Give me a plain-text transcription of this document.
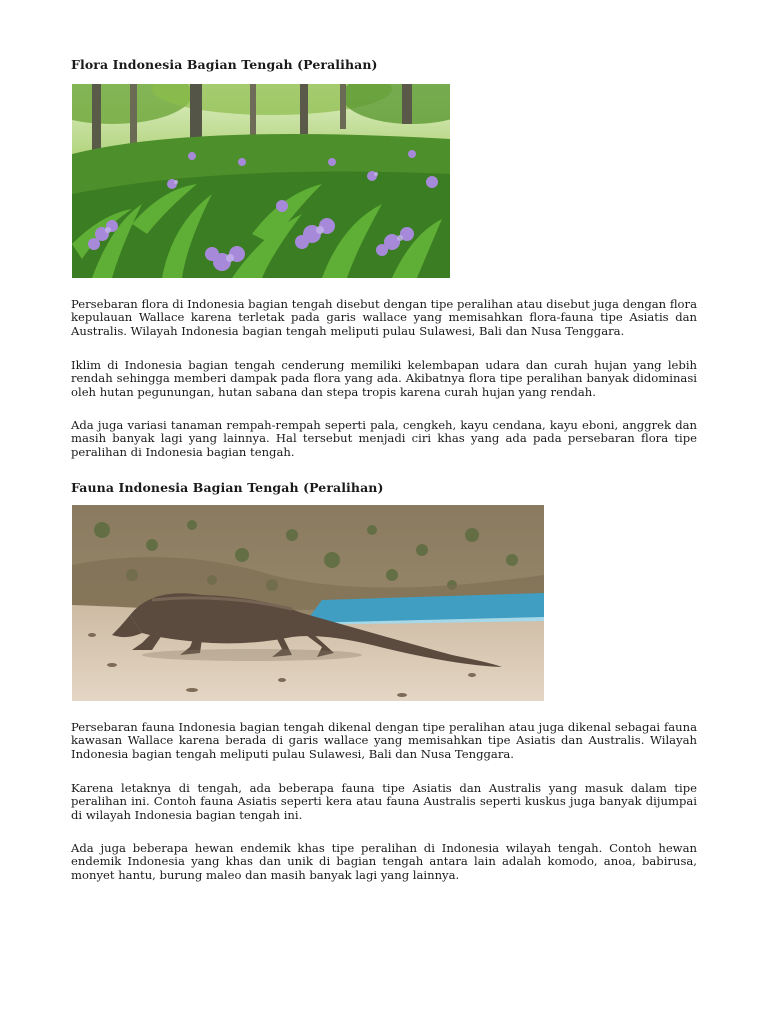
Flora Indonesia Bagian Tengah (Peralihan)

Persebaran flora di Indonesia bagian tengah disebut dengan tipe peralihan atau disebut juga dengan flora kepulauan Wallace karena terletak pada garis wallace yang memisahkan flora-fauna tipe Asiatis dan Australis. Wilayah Indonesia bagian tengah meliputi pulau Sulawesi, Bali dan Nusa Tenggara.

Iklim di Indonesia bagian tengah cenderung memiliki kelembapan udara dan curah hujan yang lebih rendah sehingga memberi dampak pada flora yang ada. Akibatnya flora tipe peralihan banyak didominasi oleh hutan pegunungan, hutan sabana dan stepa tropis karena curah hujan yang rendah.

Ada juga variasi tanaman rempah-rempah seperti pala, cengkeh, kayu cendana, kayu eboni, anggrek dan masih banyak lagi yang lainnya. Hal tersebut menjadi ciri khas yang ada pada persebaran flora tipe peralihan di Indonesia bagian tengah.

Fauna Indonesia Bagian Tengah (Peralihan)

Persebaran fauna Indonesia bagian tengah dikenal dengan tipe peralihan atau juga dikenal sebagai fauna kawasan Wallace karena berada di garis wallace yang memisahkan tipe Asiatis dan Australis. Wilayah Indonesia bagian tengah meliputi pulau Sulawesi, Bali dan Nusa Tenggara.

Karena letaknya di tengah, ada beberapa fauna tipe Asiatis dan Australis yang masuk dalam tipe peralihan ini. Contoh fauna Asiatis seperti kera atau fauna Australis seperti kuskus juga banyak dijumpai di wilayah Indonesia bagian tengah ini.

Ada juga beberapa hewan endemik khas tipe peralihan di Indonesia wilayah tengah. Contoh hewan endemik Indonesia yang khas dan unik di bagian tengah antara lain adalah komodo, anoa, babirusa, monyet hantu, burung maleo dan masih banyak lagi yang lainnya.
